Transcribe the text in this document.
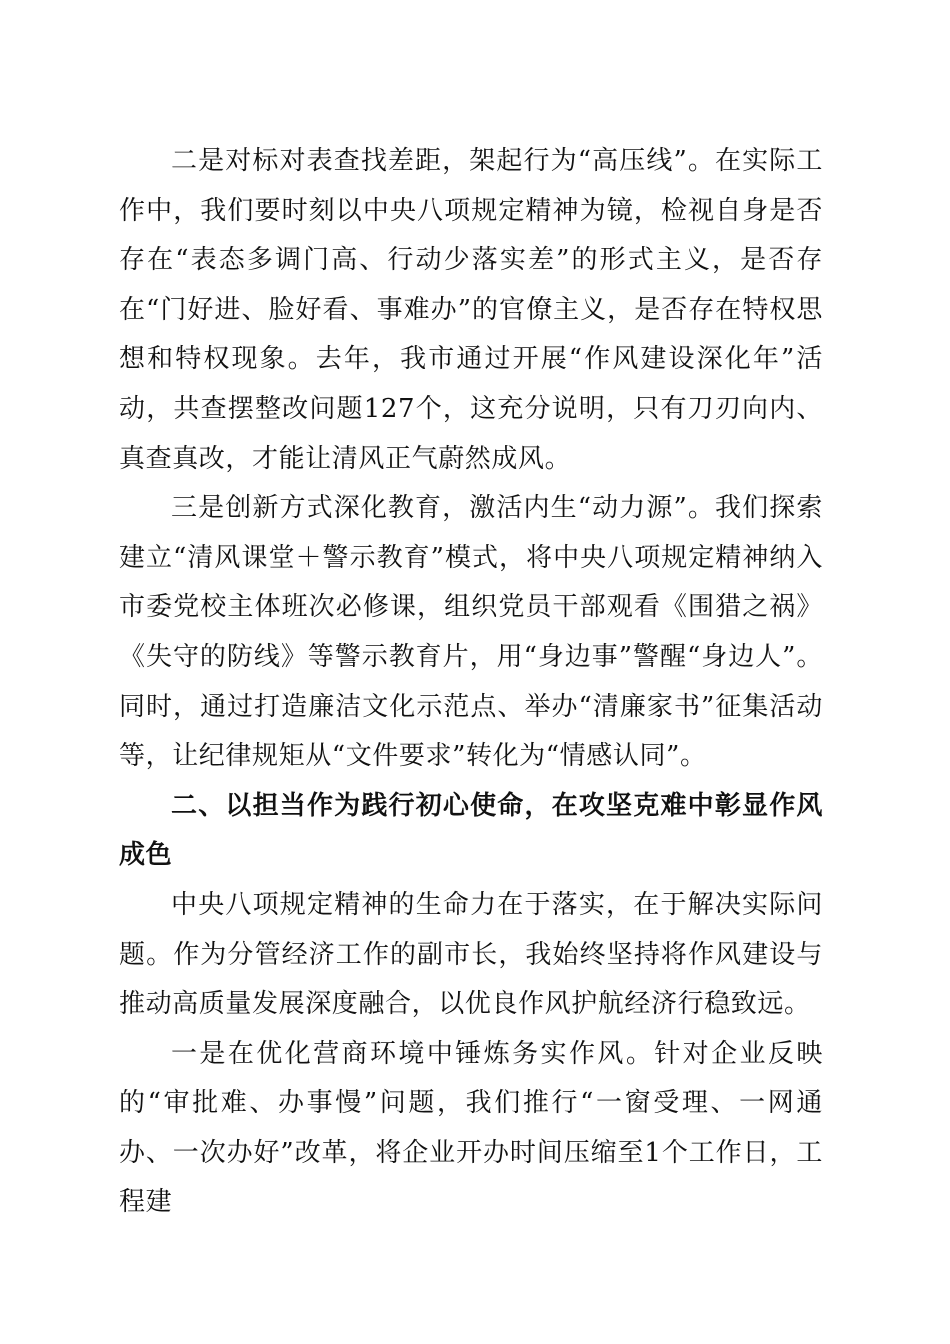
二是对标对表查找差距，架起行为“高压线”。在实际工作中，我们要时刻以中央八项规定精神为镜，检视自身是否存在“表态多调门高、行动少落实差”的形式主义，是否存在“门好进、脸好看、事难办”的官僚主义，是否存在特权思想和特权现象。去年，我市通过开展“作风建设深化年”活动，共查摆整改问题127个，这充分说明，只有刀刃向内、真查真改，才能让清风正气蔚然成风。

三是创新方式深化教育，激活内生“动力源”。我们探索建立“清风课堂＋警示教育”模式，将中央八项规定精神纳入市委党校主体班次必修课，组织党员干部观看《围猎之祸》《失守的防线》等警示教育片，用“身边事”警醒“身边人”。同时，通过打造廉洁文化示范点、举办“清廉家书”征集活动等，让纪律规矩从“文件要求”转化为“情感认同”。

二、以担当作为践行初心使命，在攻坚克难中彰显作风成色

中央八项规定精神的生命力在于落实，在于解决实际问题。作为分管经济工作的副市长，我始终坚持将作风建设与推动高质量发展深度融合，以优良作风护航经济行稳致远。

一是在优化营商环境中锤炼务实作风。针对企业反映的“审批难、办事慢”问题，我们推行“一窗受理、一网通办、一次办好”改革，将企业开办时间压缩至1个工作日，工程建
